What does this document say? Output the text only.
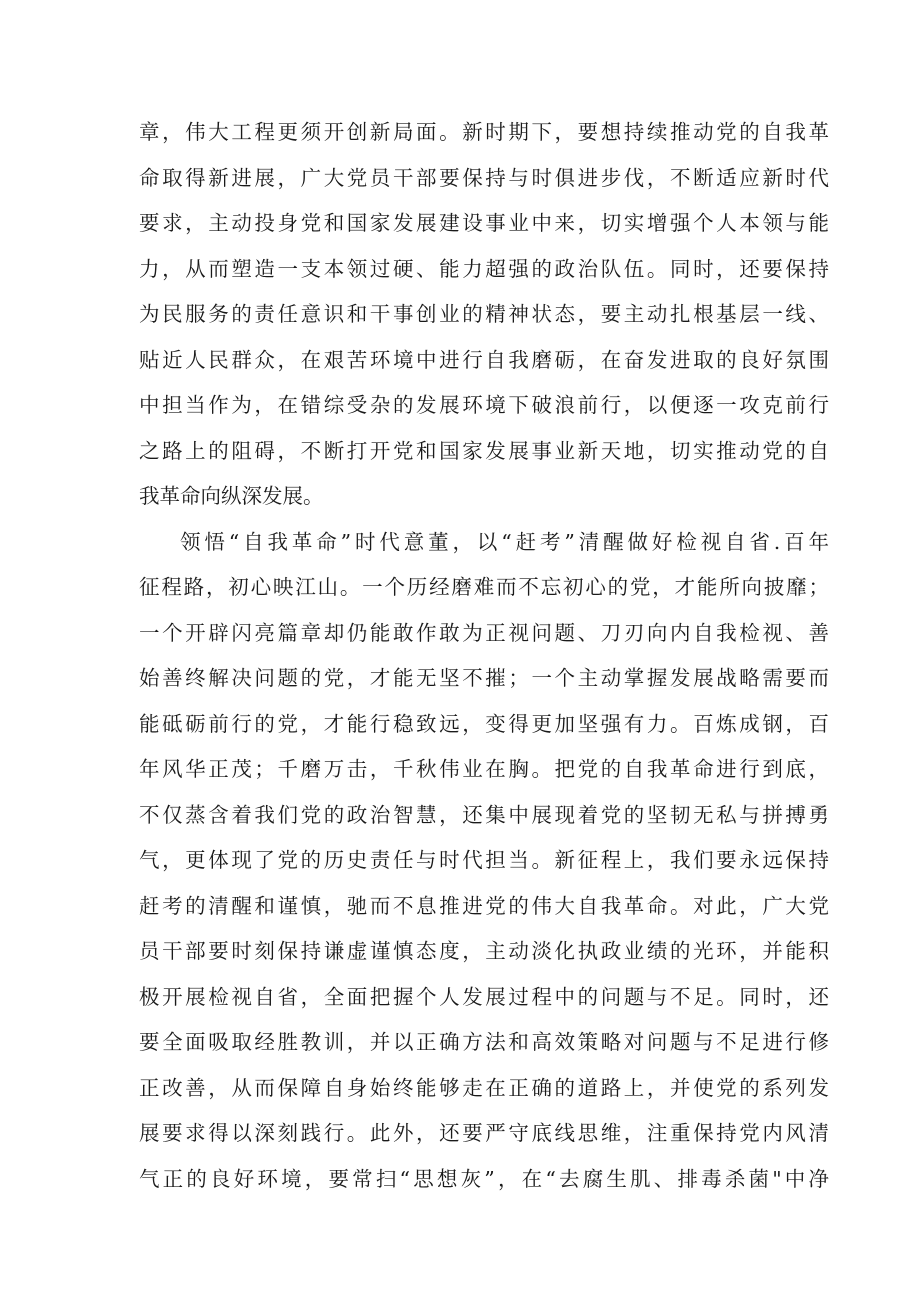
章，伟大工程更须开创新局面。新时期下，要想持续推动党的自我革
命取得新进展，广大党员干部要保持与时俱进步伐，不断适应新时代
要求，主动投身党和国家发展建设事业中来，切实增强个人本领与能
力，从而塑造一支本领过硬、能力超强的政治队伍。同时，还要保持
为民服务的责任意识和干事创业的精神状态，要主动扎根基层一线、
贴近人民群众，在艰苦环境中进行自我磨砺，在奋发进取的良好氛围
中担当作为，在错综受杂的发展环境下破浪前行，以便逐一攻克前行
之路上的阻碍，不断打开党和国家发展事业新天地，切实推动党的自
我革命向纵深发展。
领悟“自我革命”时代意董，以“赶考”清醒做好检视自省.百年
征程路，初心映江山。一个历经磨难而不忘初心的党，才能所向披靡；
一个开辟闪亮篇章却仍能敢作敢为正视问题、刀刃向内自我检视、善
始善终解决问题的党，才能无坚不摧；一个主动掌握发展战略需要而
能砥砺前行的党，才能行稳致远，变得更加坚强有力。百炼成钢，百
年风华正茂；千磨万击，千秋伟业在胸。把党的自我革命进行到底，
不仅蒸含着我们党的政治智慧，还集中展现着党的坚韧无私与拼搏勇
气，更体现了党的历史责任与时代担当。新征程上，我们要永远保持
赶考的清醒和谨慎，驰而不息推进党的伟大自我革命。对此，广大党
员干部要时刻保持谦虚谨慎态度，主动淡化执政业绩的光环，并能积
极开展检视自省，全面把握个人发展过程中的问题与不足。同时，还
要全面吸取经胜教训，并以正确方法和高效策略对问题与不足进行修
正改善，从而保障自身始终能够走在正确的道路上，并使党的系列发
展要求得以深刻践行。此外，还要严守底线思维，注重保持党内风清
气正的良好环境，要常扫“思想灰”，在“去腐生肌、排毒杀菌"中净
